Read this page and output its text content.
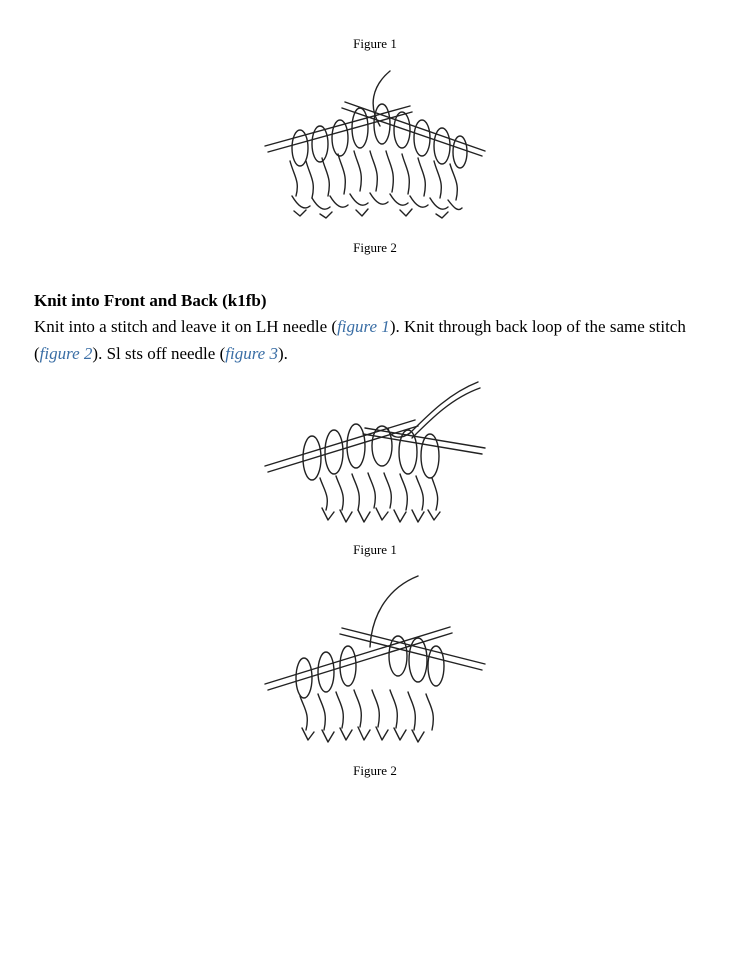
Figure 1
Figure 2
Knit into Front and Back (k1fb)
Knit into a stitch and leave it on LH needle (figure 1). Knit through back loop of the same stitch (figure 2). Sl sts off needle (figure 3).
Figure 1
Figure 2
